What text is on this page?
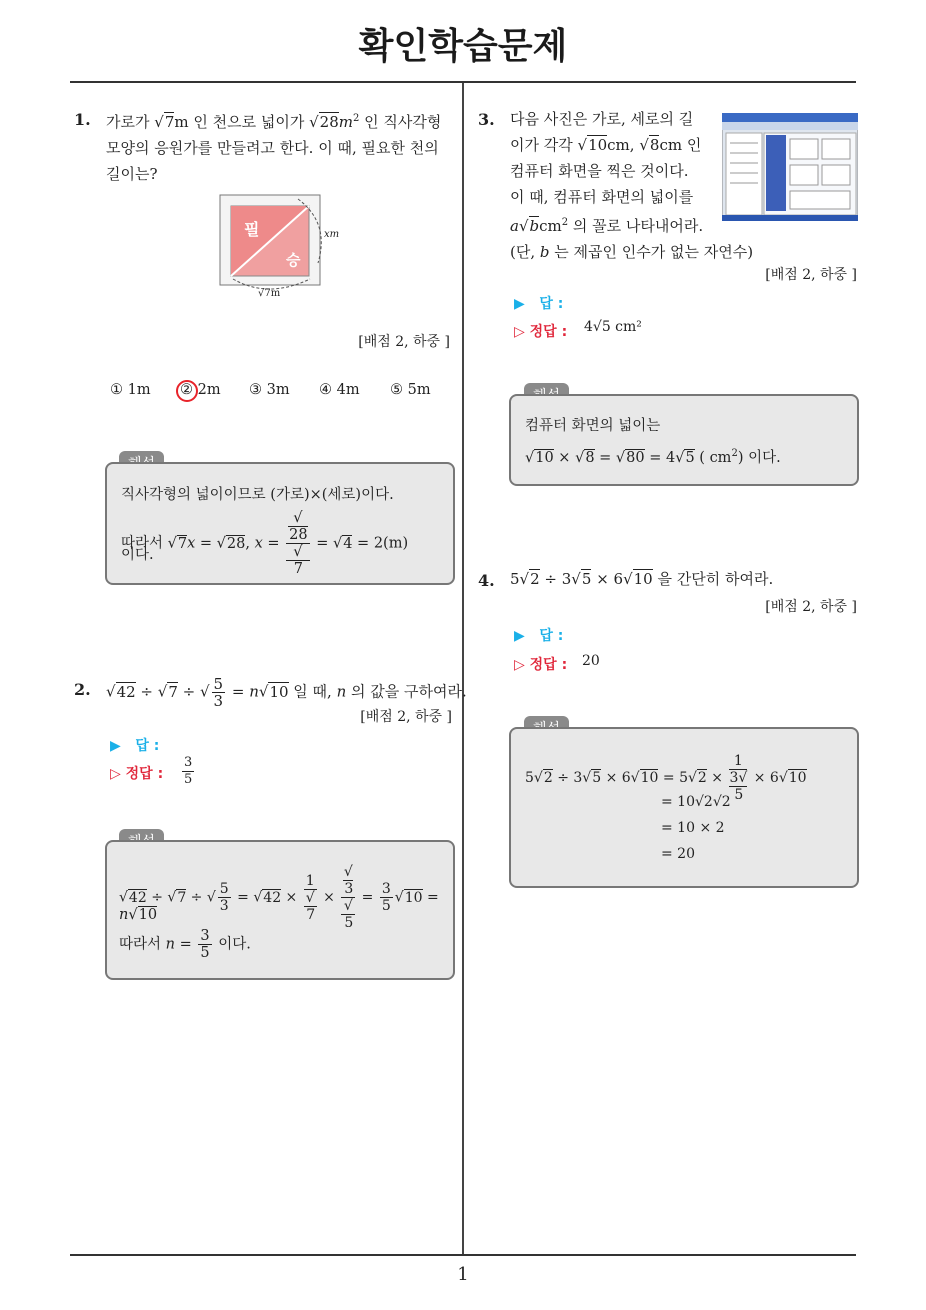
확인학습문제
1. 가로가 √7m 인 천으로 넓이가 $√28m^2$ 인 직사각형
모양의 응원가를 만들려고 한다. 이 때, 필요한 천의
길이는?
필
승
xm
√7m
[배점 2, 하중 ]
① 1m ② 2m ③ 3m ④ 4m ⑤ 5m
직사각형의 넓이이므로 (가로)×(세로)이다.
따라서 √7x = √28, x = √
28
√
7 = √4 = 2(m)
이다.
2. √42 ÷ √7 ÷ √ $\frac{5}{3} = n√10$ 일 때, n 의 값을 구하여라.
[배점 2, 하중 ]
▶ 답 :
▷ 정답 : $\frac{3}{5}$
√42 ÷ √7 ÷ √ $\frac{5}{3} = √42 \times 1$
√
7 × √
3
√
$5 = \frac{3}{5} √10$ =
n√10
따라서 $n = \frac{3}{5}$ 이다.
3. 다음 사진은 가로, 세로의 길
이가 각각 √10cm, √8cm 인
컴퓨터 화면을 찍은 것이다.
이 때, 컴퓨터 화면의 넓이를
a√bcm$^2$ 의 꼴로 나타내어라.
(단, b 는 제곱인 인수가 없는 자연수)
[배점 2, 하중 ]
▶ 답 :
▷ 정답 : 4√5 cm²
컴퓨터 화면의 넓이는
√10 × √8 = √80 = 4√5 ( $cm^2$) 이다.
4. 5√2 ÷ 3√5 × 6√10 을 간단히 하여라.
[배점 2, 하중 ]
▶ 답 :
▷ 정답 : 20
5√2 ÷ 3√5 × 6√10 = 5√2 × 1
3√
5 × 6√10
= 10√2√2
= 10 × 2
= 20
1
